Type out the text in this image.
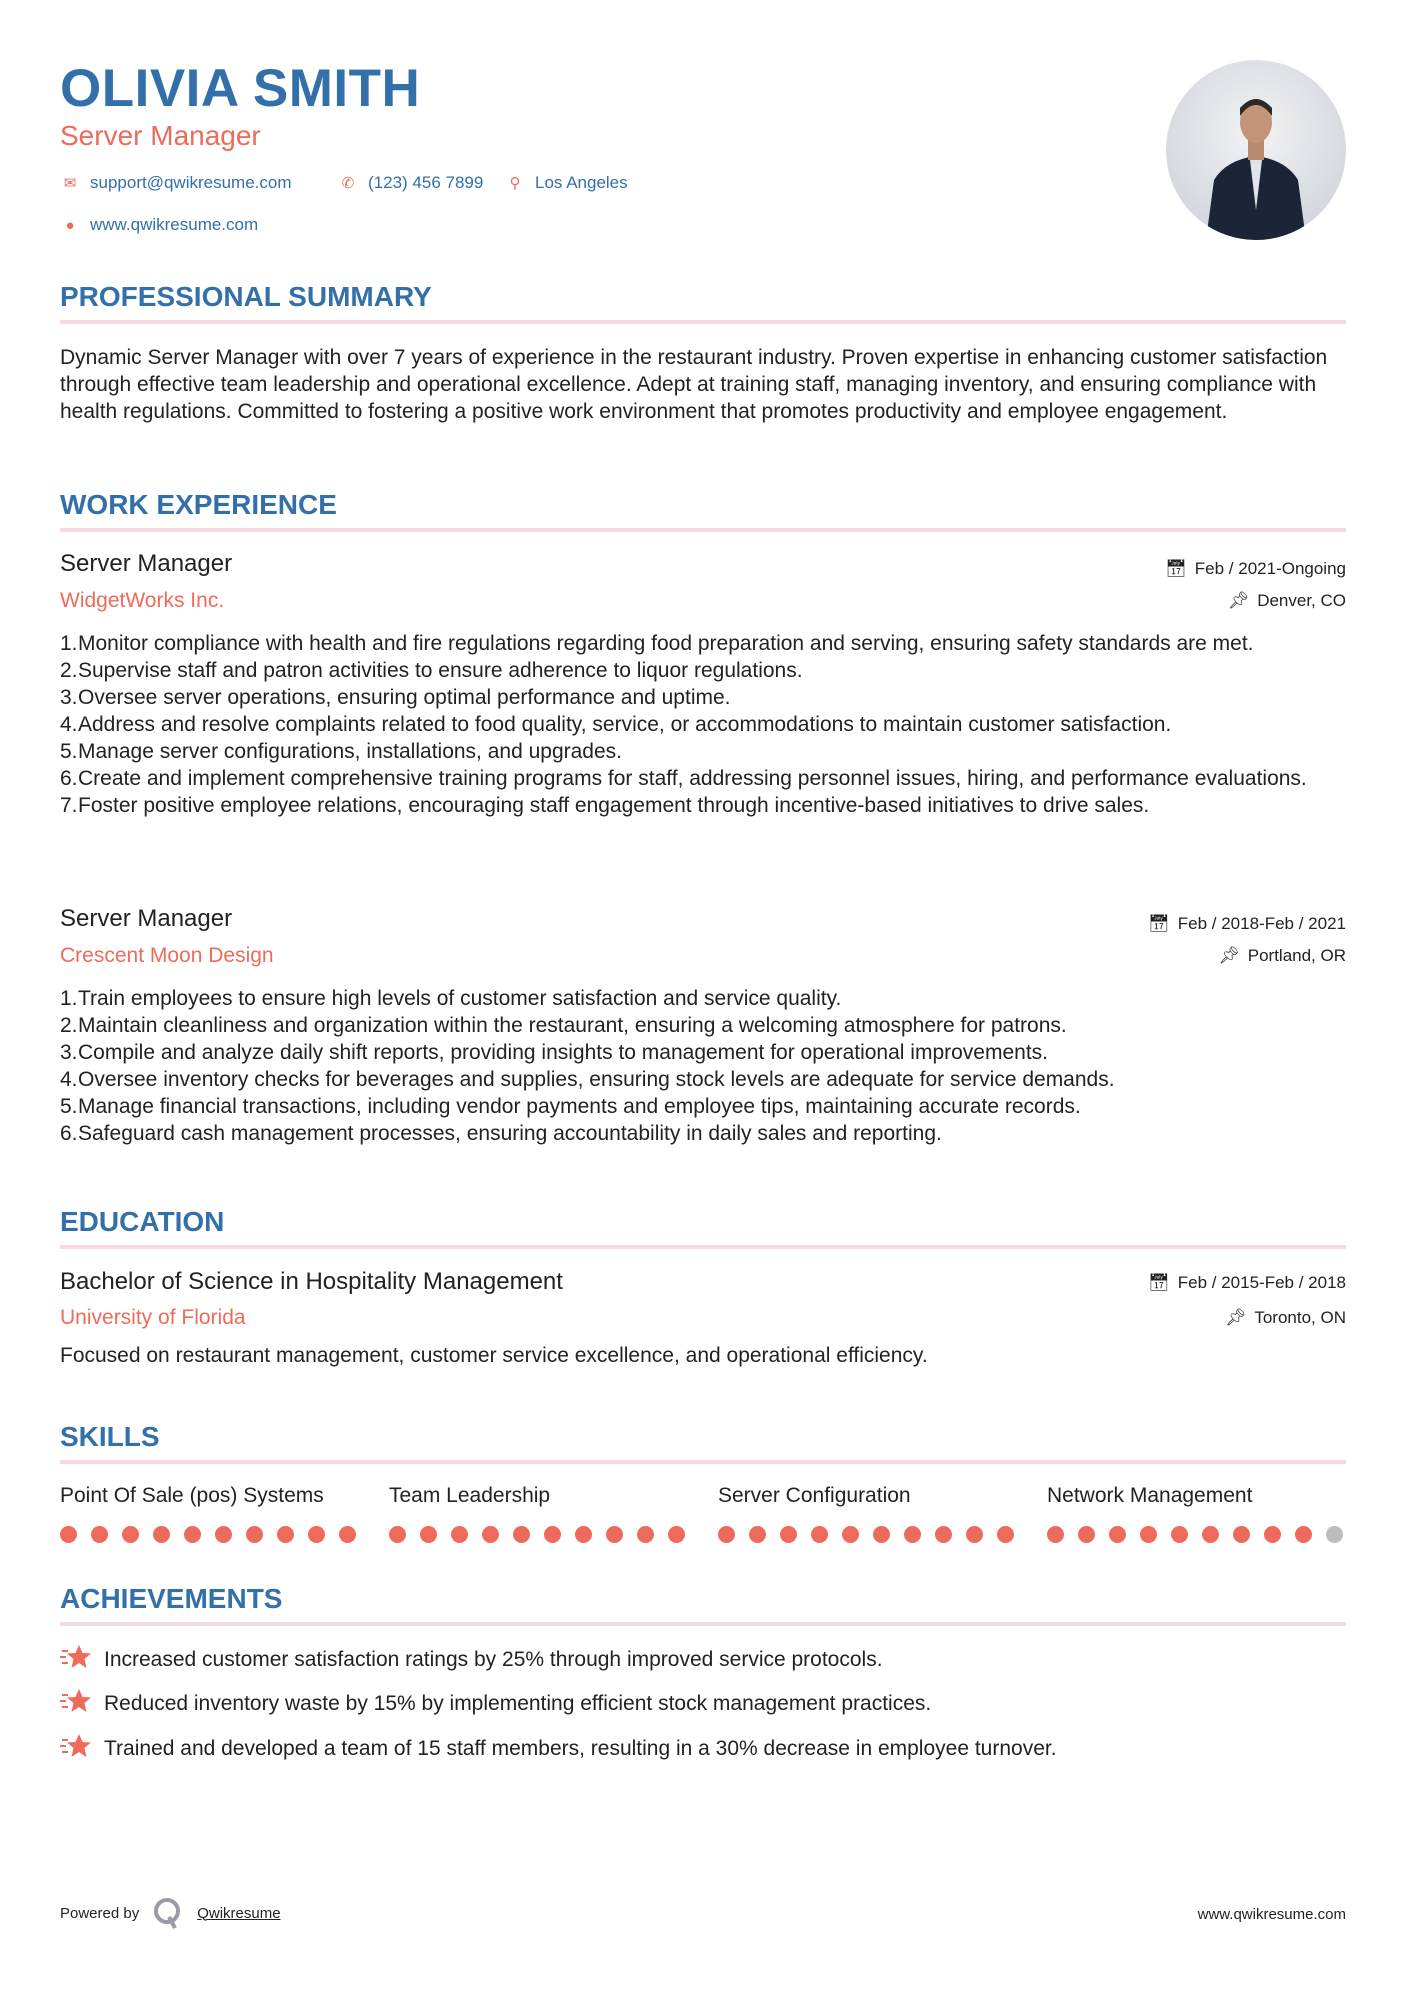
OLIVIA SMITH
Server Manager
✉ support@qwikresume.com	✆ (123) 456 7899	⚲ Los Angeles
● www.qwikresume.com
PROFESSIONAL SUMMARY
Dynamic Server Manager with over 7 years of experience in the restaurant industry. Proven expertise in enhancing customer satisfaction through effective team leadership and operational excellence. Adept at training staff, managing inventory, and ensuring compliance with health regulations. Committed to fostering a positive work environment that promotes productivity and employee engagement.
WORK EXPERIENCE
Server Manager
WidgetWorks Inc.
📅︎ Feb / 2021-Ongoing
📌︎ Denver, CO
1. Monitor compliance with health and fire regulations regarding food preparation and serving, ensuring safety standards are met.
2. Supervise staff and patron activities to ensure adherence to liquor regulations.
3. Oversee server operations, ensuring optimal performance and uptime.
4. Address and resolve complaints related to food quality, service, or accommodations to maintain customer satisfaction.
5. Manage server configurations, installations, and upgrades.
6. Create and implement comprehensive training programs for staff, addressing personnel issues, hiring, and performance evaluations.
7. Foster positive employee relations, encouraging staff engagement through incentive-based initiatives to drive sales.
Server Manager
Crescent Moon Design
📅︎ Feb / 2018-Feb / 2021
📌︎ Portland, OR
1. Train employees to ensure high levels of customer satisfaction and service quality.
2. Maintain cleanliness and organization within the restaurant, ensuring a welcoming atmosphere for patrons.
3. Compile and analyze daily shift reports, providing insights to management for operational improvements.
4. Oversee inventory checks for beverages and supplies, ensuring stock levels are adequate for service demands.
5. Manage financial transactions, including vendor payments and employee tips, maintaining accurate records.
6. Safeguard cash management processes, ensuring accountability in daily sales and reporting.
EDUCATION
Bachelor of Science in Hospitality Management
University of Florida
📅︎ Feb / 2015-Feb / 2018
📌︎ Toronto, ON
Focused on restaurant management, customer service excellence, and operational efficiency.
SKILLS
Point Of Sale (pos) Systems	Team Leadership	Server Configuration	Network Management
ACHIEVEMENTS
Increased customer satisfaction ratings by 25% through improved service protocols.
Reduced inventory waste by 15% by implementing efficient stock management practices.
Trained and developed a team of 15 staff members, resulting in a 30% decrease in employee turnover.
Powered by	Qwikresume	www.qwikresume.com
